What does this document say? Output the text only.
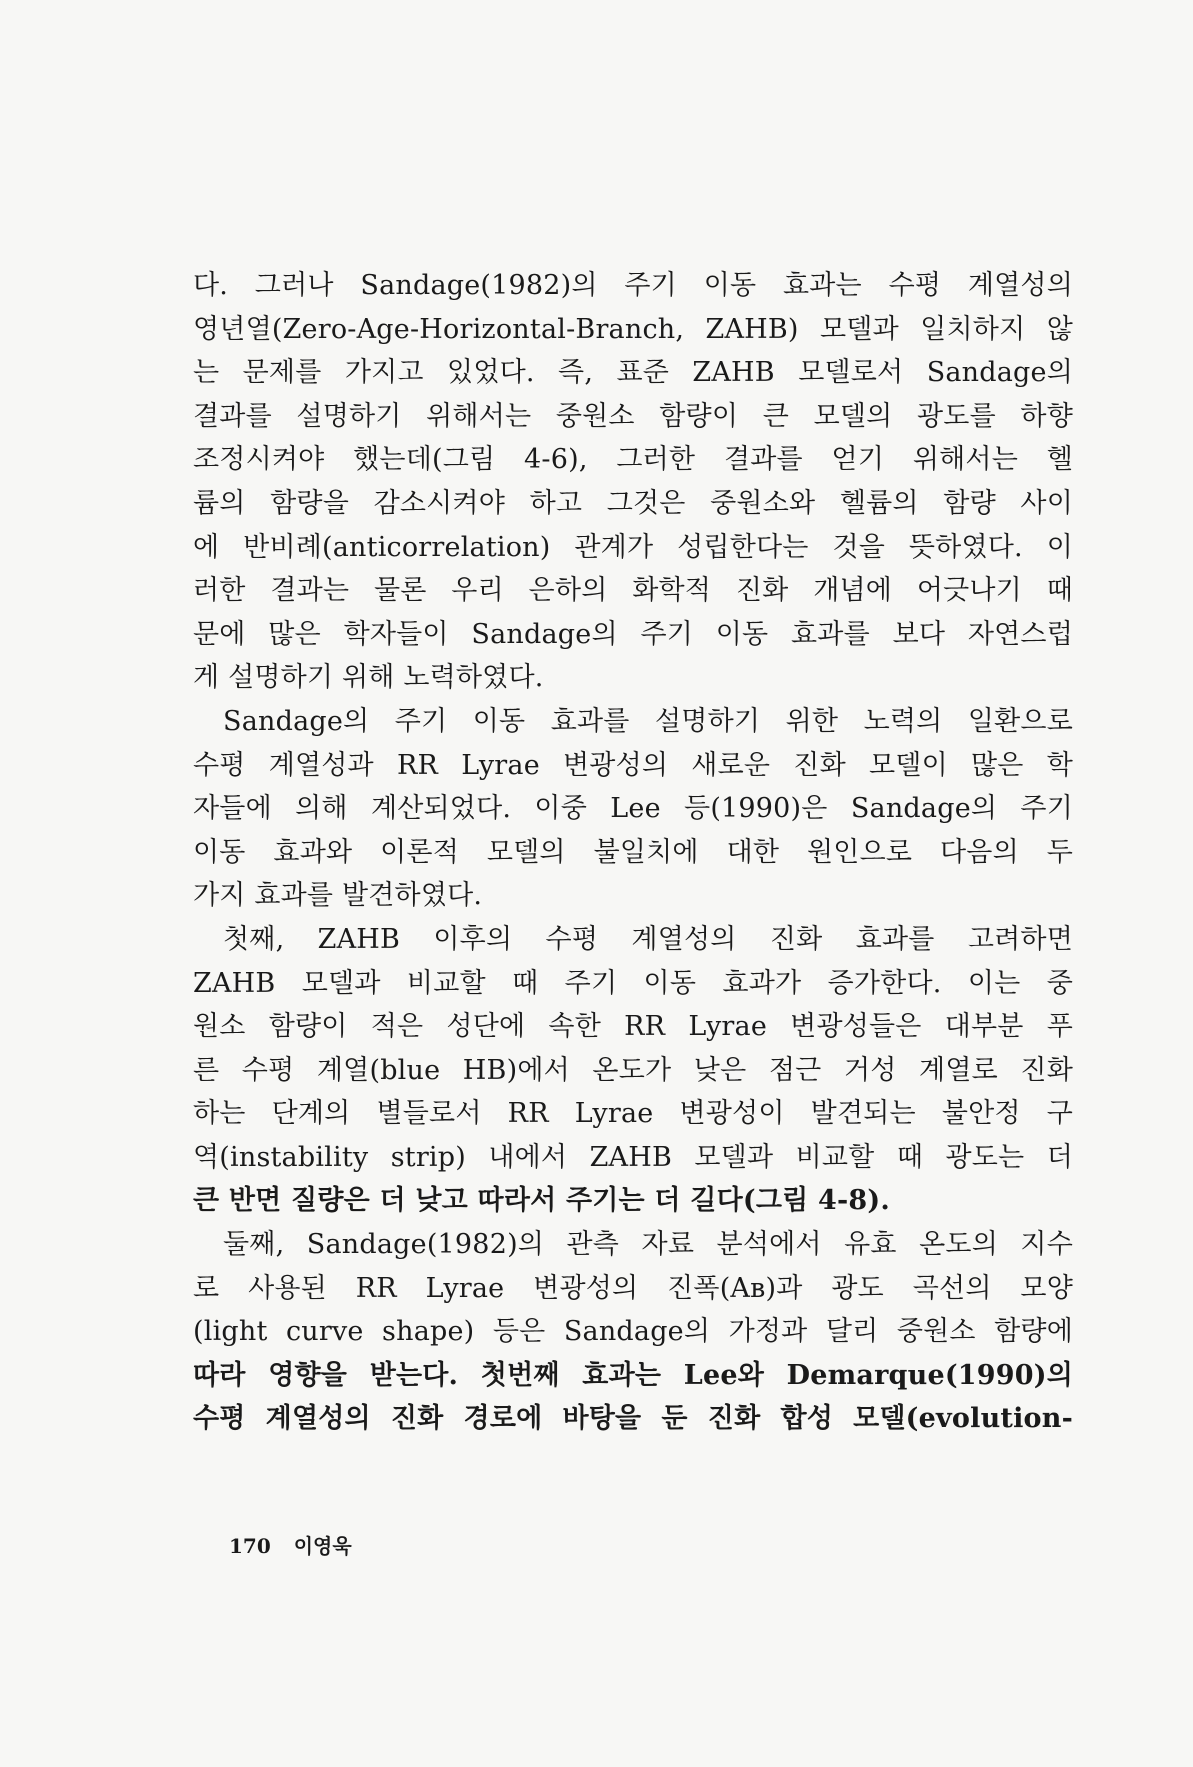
다. 그러나 Sandage(1982)의 주기 이동 효과는 수평 계열성의
영년열(Zero-Age-Horizontal-Branch, ZAHB) 모델과 일치하지 않
는 문제를 가지고 있었다. 즉, 표준 ZAHB 모델로서 Sandage의
결과를 설명하기 위해서는 중원소 함량이 큰 모델의 광도를 하향
조정시켜야 했는데(그림 4-6), 그러한 결과를 얻기 위해서는 헬
륨의 함량을 감소시켜야 하고 그것은 중원소와 헬륨의 함량 사이
에 반비례(anticorrelation) 관계가 성립한다는 것을 뜻하였다. 이
러한 결과는 물론 우리 은하의 화학적 진화 개념에 어긋나기 때
문에 많은 학자들이 Sandage의 주기 이동 효과를 보다 자연스럽
게 설명하기 위해 노력하였다.
Sandage의 주기 이동 효과를 설명하기 위한 노력의 일환으로
수평 계열성과 RR Lyrae 변광성의 새로운 진화 모델이 많은 학
자들에 의해 계산되었다. 이중 Lee 등(1990)은 Sandage의 주기
이동 효과와 이론적 모델의 불일치에 대한 원인으로 다음의 두
가지 효과를 발견하였다.
첫째, ZAHB 이후의 수평 계열성의 진화 효과를 고려하면
ZAHB 모델과 비교할 때 주기 이동 효과가 증가한다. 이는 중
원소 함량이 적은 성단에 속한 RR Lyrae 변광성들은 대부분 푸
른 수평 계열(blue HB)에서 온도가 낮은 점근 거성 계열로 진화
하는 단계의 별들로서 RR Lyrae 변광성이 발견되는 불안정 구
역(instability strip) 내에서 ZAHB 모델과 비교할 때 광도는 더
큰 반면 질량은 더 낮고 따라서 주기는 더 길다(그림 4-8).
둘째, Sandage(1982)의 관측 자료 분석에서 유효 온도의 지수
로 사용된 RR Lyrae 변광성의 진폭(Aв)과 광도 곡선의 모양
(light curve shape) 등은 Sandage의 가정과 달리 중원소 함량에
따라 영향을 받는다. 첫번째 효과는 Lee와 Demarque(1990)의
수평 계열성의 진화 경로에 바탕을 둔 진화 합성 모델(evolution-
170 이영욱
